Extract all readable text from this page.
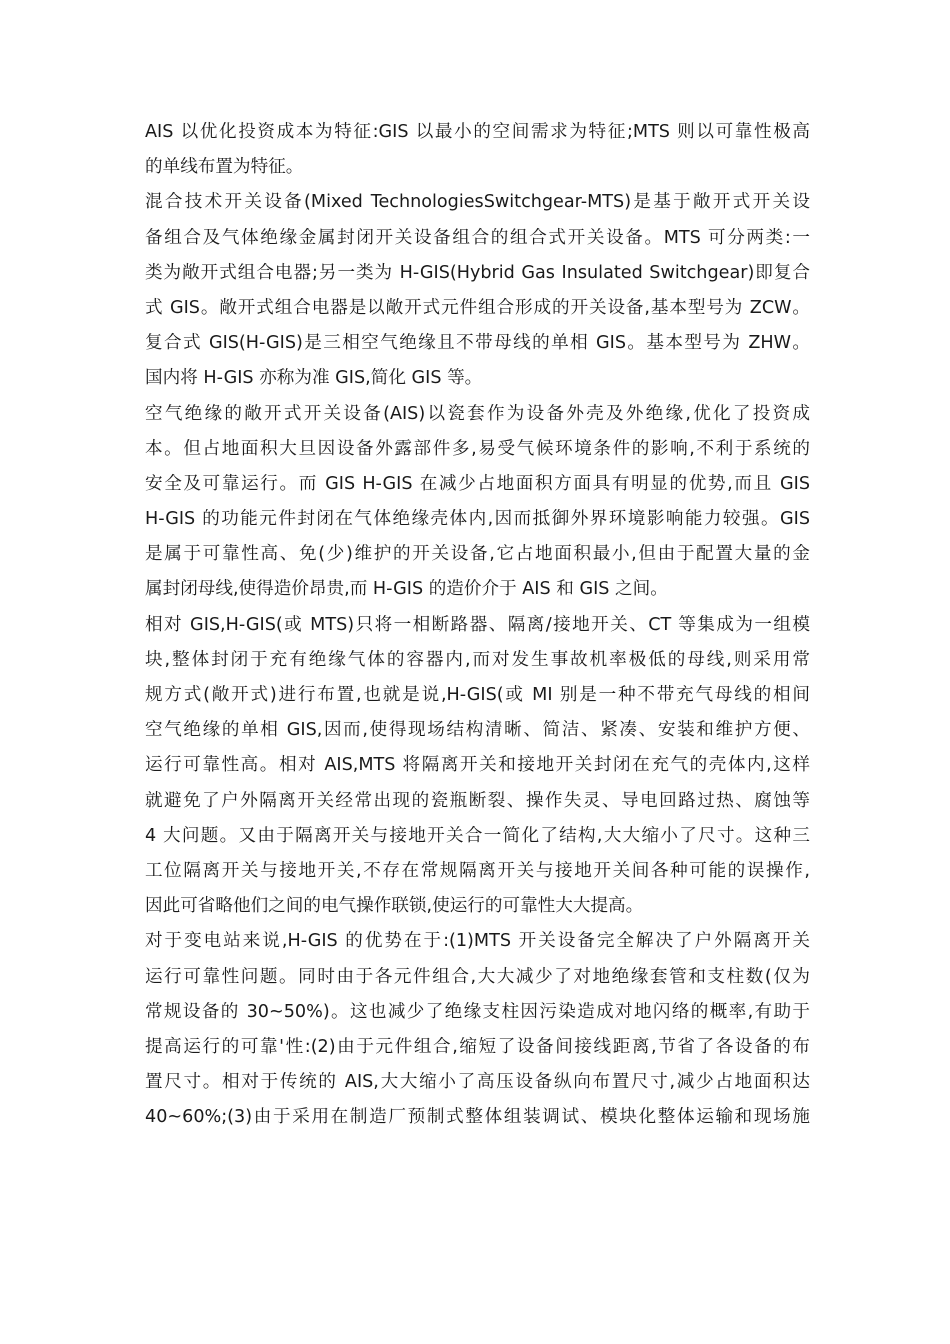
AIS 以优化投资成本为特征:GIS 以最小的空间需求为特征;MTS 则以可靠性极高
的单线布置为特征。
混合技术开关设备(Mixed TechnologiesSwitchgear-MTS)是基于敞开式开关设
备组合及气体绝缘金属封闭开关设备组合的组合式开关设备。MTS 可分两类:一
类为敞开式组合电器;另一类为 H-GIS(Hybrid Gas Insulated Switchgear)即复合
式 GIS。敞开式组合电器是以敞开式元件组合形成的开关设备,基本型号为 ZCW。
复合式 GIS(H-GIS)是三相空气绝缘且不带母线的单相 GIS。基本型号为 ZHW。
国内将 H-GIS 亦称为准 GIS,简化 GIS 等。
空气绝缘的敞开式开关设备(AIS)以瓷套作为设备外壳及外绝缘,优化了投资成
本。但占地面积大旦因设备外露部件多,易受气候环境条件的影响,不利于系统的
安全及可靠运行。而 GIS H-GIS 在减少占地面积方面具有明显的优势,而且 GIS
H-GIS 的功能元件封闭在气体绝缘壳体内,因而抵御外界环境影响能力较强。GIS
是属于可靠性高、免(少)维护的开关设备,它占地面积最小,但由于配置大量的金
属封闭母线,使得造价昂贵,而 H-GIS 的造价介于 AIS 和 GIS 之间。
相对 GIS,H-GIS(或 MTS)只将一相断路器、隔离/接地开关、CT 等集成为一组模
块,整体封闭于充有绝缘气体的容器内,而对发生事故机率极低的母线,则采用常
规方式(敞开式)进行布置,也就是说,H-GIS(或 MI 别是一种不带充气母线的相间
空气绝缘的单相 GIS,因而,使得现场结构清晰、简洁、紧凑、安装和维护方便、
运行可靠性高。相对 AIS,MTS 将隔离开关和接地开关封闭在充气的壳体内,这样
就避免了户外隔离开关经常出现的瓷瓶断裂、操作失灵、导电回路过热、腐蚀等
4 大问题。又由于隔离开关与接地开关合一简化了结构,大大缩小了尺寸。这种三
工位隔离开关与接地开关,不存在常规隔离开关与接地开关间各种可能的误操作,
因此可省略他们之间的电气操作联锁,使运行的可靠性大大提高。
对于变电站来说,H-GIS 的优势在于:(1)MTS 开关设备完全解决了户外隔离开关
运行可靠性问题。同时由于各元件组合,大大减少了对地绝缘套管和支柱数(仅为
常规设备的 30~50%)。这也减少了绝缘支柱因污染造成对地闪络的概率,有助于
提高运行的可靠'性:(2)由于元件组合,缩短了设备间接线距离,节省了各设备的布
置尺寸。相对于传统的 AIS,大大缩小了高压设备纵向布置尺寸,减少占地面积达
40~60%;(3)由于采用在制造厂预制式整体组装调试、模块化整体运输和现场施
